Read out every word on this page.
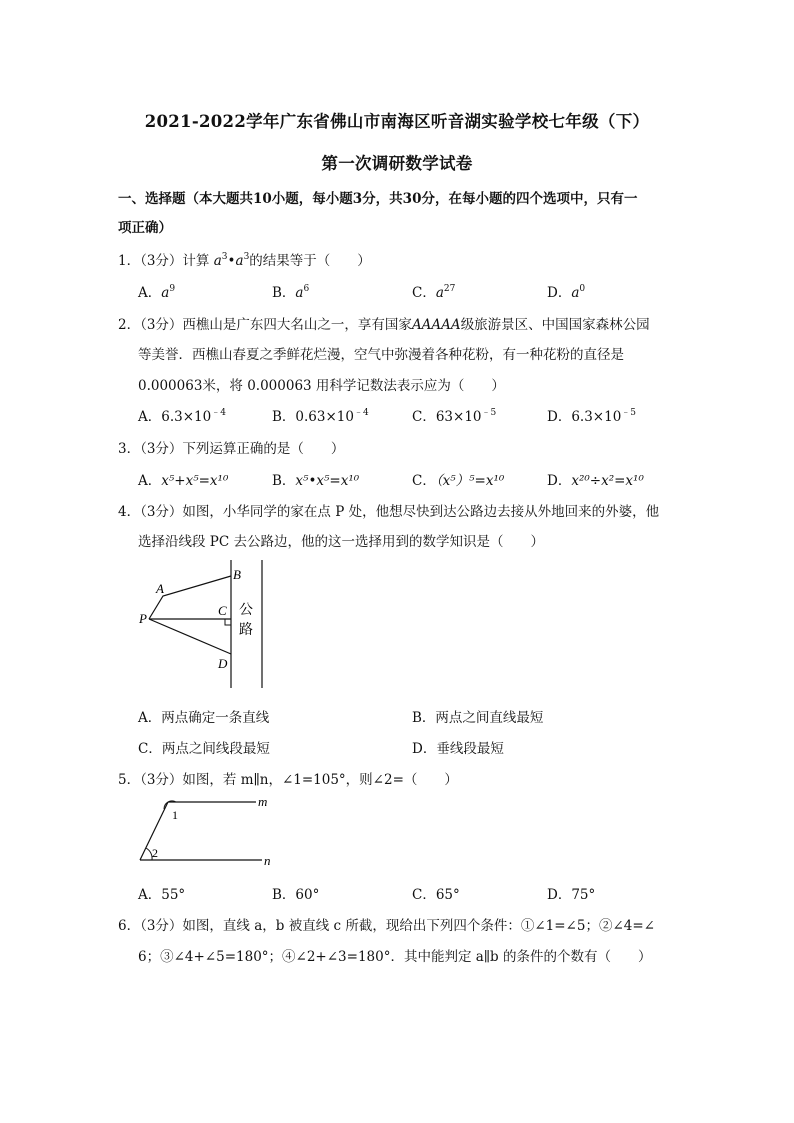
2021-2022学年广东省佛山市南海区听音湖实验学校七年级（下）
第一次调研数学试卷
一、选择题（本大题共10小题，每小题3分，共30分，在每小题的四个选项中，只有一
项正确）
1．（3分）计算 $a^3•a^3$的结果等于（　　）
A．$a^9$	B．$a^6$	C．$a^{27}$	D．$a^0$
2．（3分）西樵山是广东四大名山之一，享有国家AAAAA级旅游景区、中国国家森林公园
等美誉．西樵山春夏之季鲜花烂漫，空气中弥漫着各种花粉，有一种花粉的直径是
0.000063米，将 0.000063 用科学记数法表示应为（　　）
A．$6.3\times 10^{﹣4}$	B．$0.63\times 10^{﹣4}$	C．$63\times 10^{﹣5}$	D．$6.3\times 10^{﹣5}$
3．（3分）下列运算正确的是（　　）
A．x⁵+x⁵=x¹⁰	B．x⁵•x⁵=x¹⁰	C．（x⁵）⁵=x¹⁰	D．x²⁰÷x²=x¹⁰
4．（3分）如图，小华同学的家在点 P 处，他想尽快到达公路边去接从外地回来的外婆，他
选择沿线段 PC 去公路边，他的这一选择用到的数学知识是（　　）
B
A
C
P
D
公
路
A．两点确定一条直线	B．两点之间直线最短
C．两点之间线段最短	D．垂线段最短
5．（3分）如图，若 m∥n，∠1=105°，则∠2=（　　）
m
n
1
2
A．55°	B．60°	C．65°	D．75°
6．（3分）如图，直线 a，b 被直线 c 所截，现给出下列四个条件：①∠1=∠5；②∠4=∠
6；③∠4+∠5=180°；④∠2+∠3=180°．其中能判定 a∥b 的条件的个数有（　　）
